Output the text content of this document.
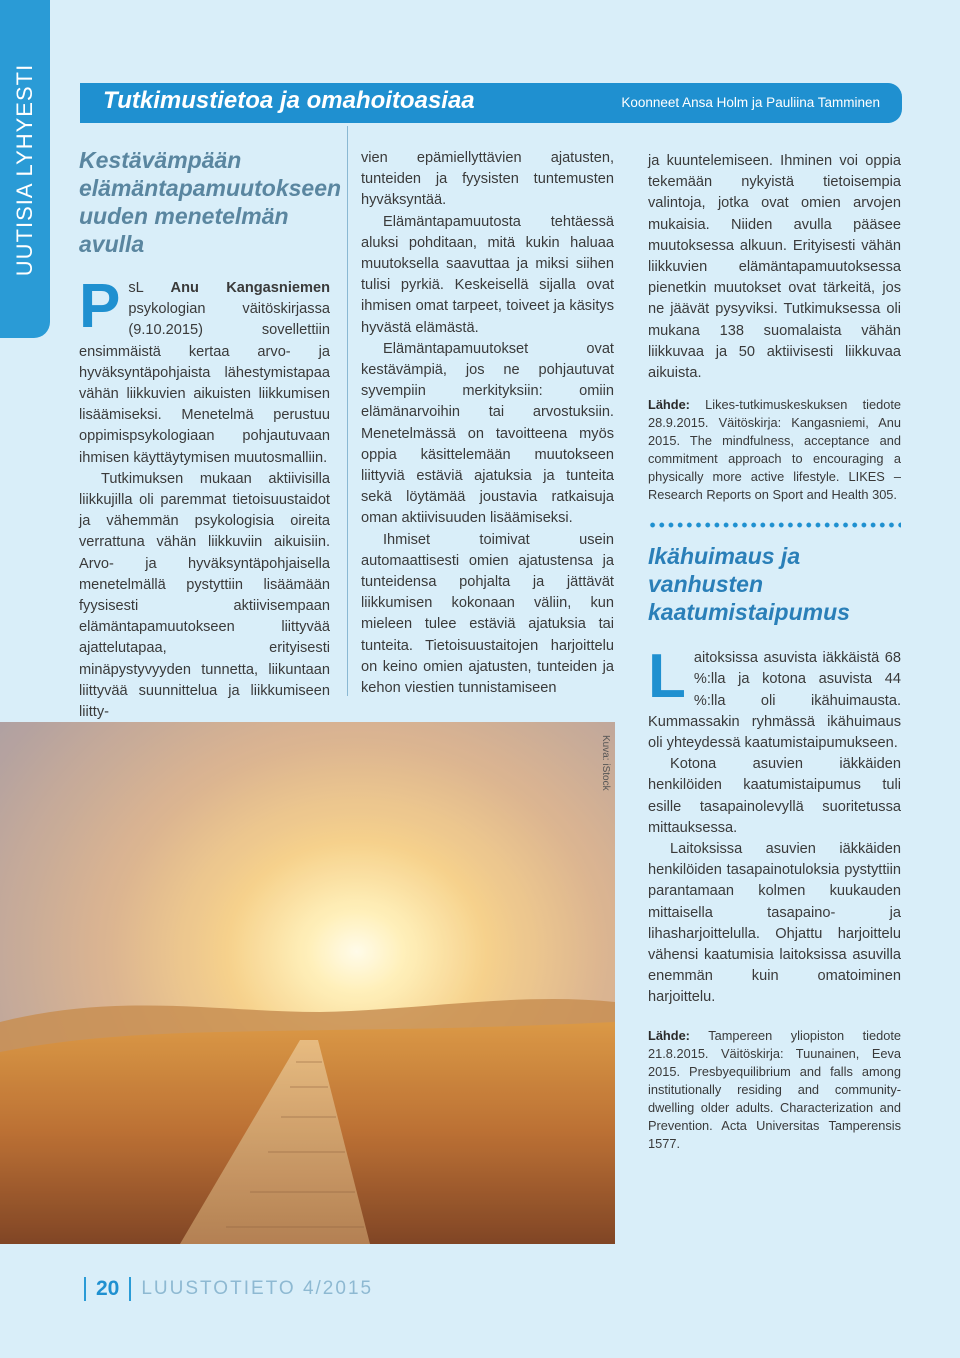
UUTISIA LYHYESTI	Tutkimustietoa ja omahoitoasiaa	Koonneet Ansa Holm ja Pauliina Tamminen
Kestävämpään elämäntapamuutokseen uuden menetelmän avulla

PsL Anu Kangasniemen psykologian väitöskirjassa (9.10.2015) sovellettiin ensimmäistä kertaa arvo- ja hyväksyntäpohjaista lähestymistapaa vähän liikkuvien aikuisten liikkumisen lisäämiseksi. Menetelmä perustuu oppimispsykologiaan pohjautuvaan ihmisen käyttäytymisen muutosmalliin.

Tutkimuksen mukaan aktiivisilla liikkujilla oli paremmat tietoisuustaidot ja vähemmän psykologisia oireita verrattuna vähän liikkuviin aikuisiin. Arvo- ja hyväksyntäpohjaisella menetelmällä pystyttiin lisäämään fyysisesti aktiivisempaan elämäntapamuutokseen liittyvää ajattelutapaa, erityisesti minäpystyvyyden tunnetta, liikuntaan liittyvää suunnittelua ja liikkumiseen liitty-

vien epämiellyttävien ajatusten, tunteiden ja fyysisten tuntemusten hyväksyntää.

Elämäntapamuutosta tehtäessä aluksi pohditaan, mitä kukin haluaa muutoksella saavuttaa ja miksi siihen tulisi pyrkiä. Keskeisellä sijalla ovat ihmisen omat tarpeet, toiveet ja käsitys hyvästä elämästä.

Elämäntapamuutokset ovat kestävämpiä, jos ne pohjautuvat syvempiin merkityksiin: omiin elämänarvoihin tai arvostuksiin. Menetelmässä on tavoitteena myös oppia käsittelemään muutokseen liittyviä estäviä ajatuksia ja tunteita sekä löytämää joustavia ratkaisuja oman aktiivisuuden lisäämiseksi.

Ihmiset toimivat usein automaattisesti omien ajatustensa ja tunteidensa pohjalta ja jättävät liikkumisen kokonaan väliin, kun mieleen tulee estäviä ajatuksia tai tunteita. Tietoisuustaitojen harjoittelu on keino omien ajatusten, tunteiden ja kehon viestien tunnistamiseen

ja kuuntelemiseen. Ihminen voi oppia tekemään nykyistä tietoisempia valintoja, jotka ovat omien arvojen mukaisia. Niiden avulla pääsee muutoksessa alkuun. Erityisesti vähän liikkuvien elämäntapamuutoksessa pienetkin muutokset ovat tärkeitä, jos ne jäävät pysyviksi. Tutkimuksessa oli mukana 138 suomalaista vähän liikkuvaa ja 50 aktiivisesti liikkuvaa aikuista.

Lähde: Likes-tutkimuskeskuksen tiedote 28.9.2015. Väitöskirja: Kangasniemi, Anu 2015. The mindfulness, acceptance and commitment approach to encouraging a physically more active lifestyle. LIKES – Research Reports on Sport and Health 305.

Ikähuimaus ja vanhusten kaatumistaipumus

Laitoksissa asuvista iäkkäistä 68 %:lla ja kotona asuvista 44 %:lla oli ikähuimausta. Kummassakin ryhmässä ikähuimaus oli yhteydessä kaatumistaipumukseen.

Kotona asuvien iäkkäiden henkilöiden kaatumistaipumus tuli esille tasapainolevyllä suoritetussa mittauksessa.

Laitoksissa asuvien iäkkäiden henkilöiden tasapainotuloksia pystyttiin parantamaan kolmen kuukauden mittaisella tasapaino- ja lihasharjoittelulla. Ohjattu harjoittelu vähensi kaatumisia laitoksissa asuvilla enemmän kuin omatoiminen harjoittelu.

Lähde: Tampereen yliopiston tiedote 21.8.2015. Väitöskirja: Tuunainen, Eeva 2015. Presbyequilibrium and falls among institutionally residing and community-dwelling older adults. Characterization and Prevention. Acta Universitas Tamperensis 1577.

Kuva: iStock
20 LUUSTOTIETO 4/2015
